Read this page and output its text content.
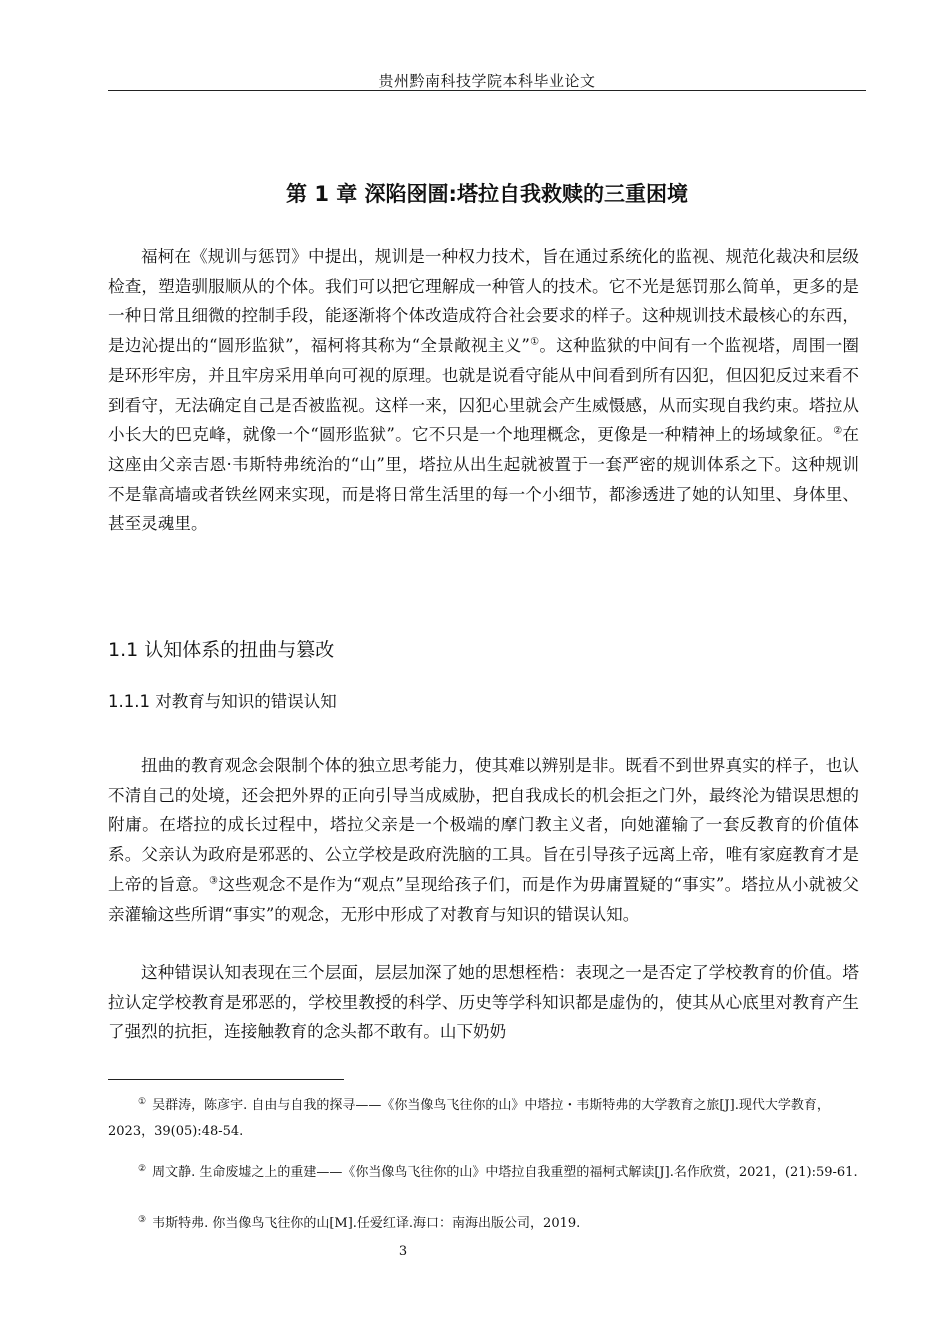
贵州黔南科技学院本科毕业论文
第 1 章 深陷囹圄:塔拉自我救赎的三重困境

福柯在《规训与惩罚》中提出，规训是一种权力技术，旨在通过系统化的监视、规范化裁决和层级检查，塑造驯服顺从的个体。我们可以把它理解成一种管人的技术。它不光是惩罚那么简单，更多的是一种日常且细微的控制手段，能逐渐将个体改造成符合社会要求的样子。这种规训技术最核心的东西，是边沁提出的“圆形监狱”，福柯将其称为“全景敞视主义”①。这种监狱的中间有一个监视塔，周围一圈是环形牢房，并且牢房采用单向可视的原理。也就是说看守能从中间看到所有囚犯，但囚犯反过来看不到看守，无法确定自己是否被监视。这样一来，囚犯心里就会产生威慑感，从而实现自我约束。塔拉从小长大的巴克峰，就像一个“圆形监狱”。它不只是一个地理概念，更像是一种精神上的场域象征。②在这座由父亲吉恩·韦斯特弗统治的“山”里，塔拉从出生起就被置于一套严密的规训体系之下。这种规训不是靠高墙或者铁丝网来实现，而是将日常生活里的每一个小细节，都渗透进了她的认知里、身体里、甚至灵魂里。

1.1 认知体系的扭曲与篡改
1.1.1 对教育与知识的错误认知

扭曲的教育观念会限制个体的独立思考能力，使其难以辨别是非。既看不到世界真实的样子，也认不清自己的处境，还会把外界的正向引导当成威胁，把自我成长的机会拒之门外，最终沦为错误思想的附庸。在塔拉的成长过程中，塔拉父亲是一个极端的摩门教主义者，向她灌输了一套反教育的价值体系。父亲认为政府是邪恶的、公立学校是政府洗脑的工具。旨在引导孩子远离上帝，唯有家庭教育才是上帝的旨意。③这些观念不是作为“观点”呈现给孩子们，而是作为毋庸置疑的“事实”。塔拉从小就被父亲灌输这些所谓“事实”的观念，无形中形成了对教育与知识的错误认知。

这种错误认知表现在三个层面，层层加深了她的思想桎梏：表现之一是否定了学校教育的价值。塔拉认定学校教育是邪恶的，学校里教授的科学、历史等学科知识都是虚伪的，使其从心底里对教育产生了强烈的抗拒，连接触教育的念头都不敢有。山下奶奶

① 吴群涛，陈彦宇. 自由与自我的探寻——《你当像鸟飞往你的山》中塔拉・韦斯特弗的大学教育之旅[J].现代大学教育，2023，39(05):48-54.

② 周文静. 生命废墟之上的重建——《你当像鸟飞往你的山》中塔拉自我重塑的福柯式解读[J].名作欣赏，2021，(21):59-61.

③ 韦斯特弗. 你当像鸟飞往你的山[M].任爱红译.海口：南海出版公司，2019.

3
